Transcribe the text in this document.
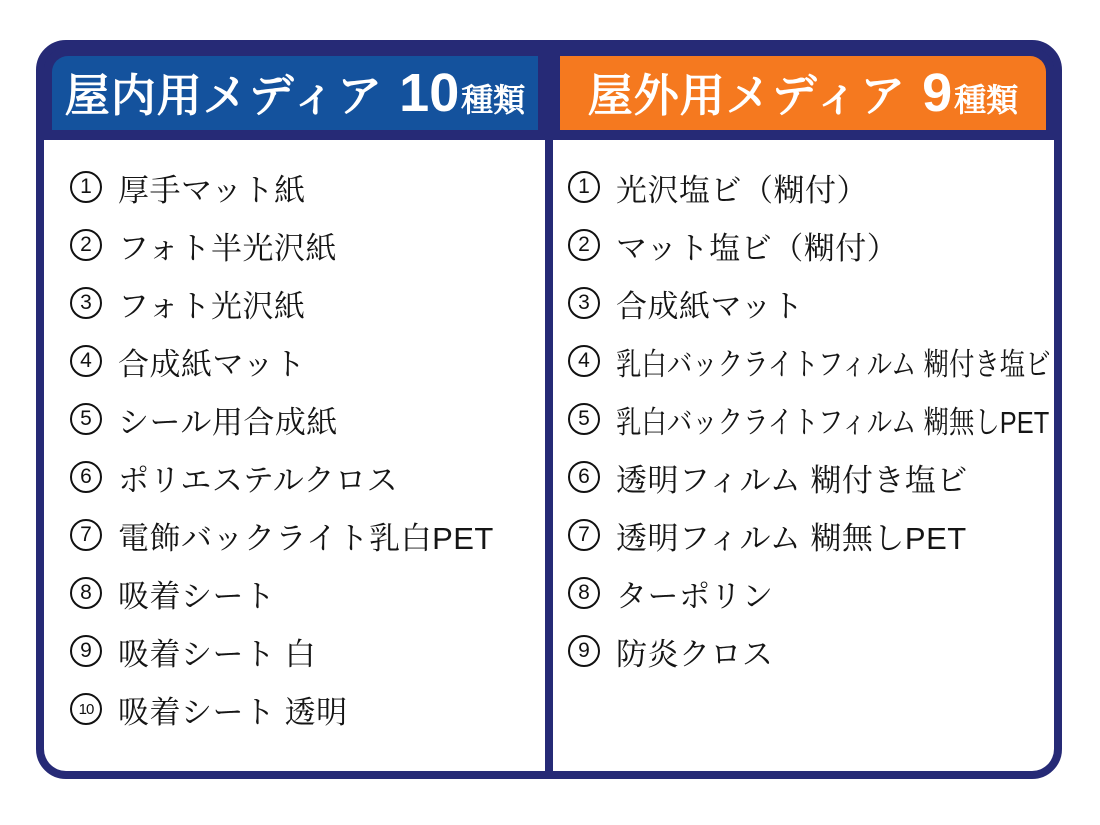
屋内用メディア 10 種類 屋外用メディア 9 種類
1 厚手マット紙
2 フォト半光沢紙
3 フォト光沢紙
4 合成紙マット
5 シール用合成紙
6 ポリエステルクロス
7 電飾バックライト乳白PET
8 吸着シート
9 吸着シート 白
10 吸着シート 透明
1 光沢塩ビ（糊付）
2 マット塩ビ（糊付）
3 合成紙マット
4 乳白バックライトフィルム 糊付き塩ビ
5 乳白バックライトフィルム 糊無しPET
6 透明フィルム 糊付き塩ビ
7 透明フィルム 糊無しPET
8 ターポリン
9 防炎クロス
